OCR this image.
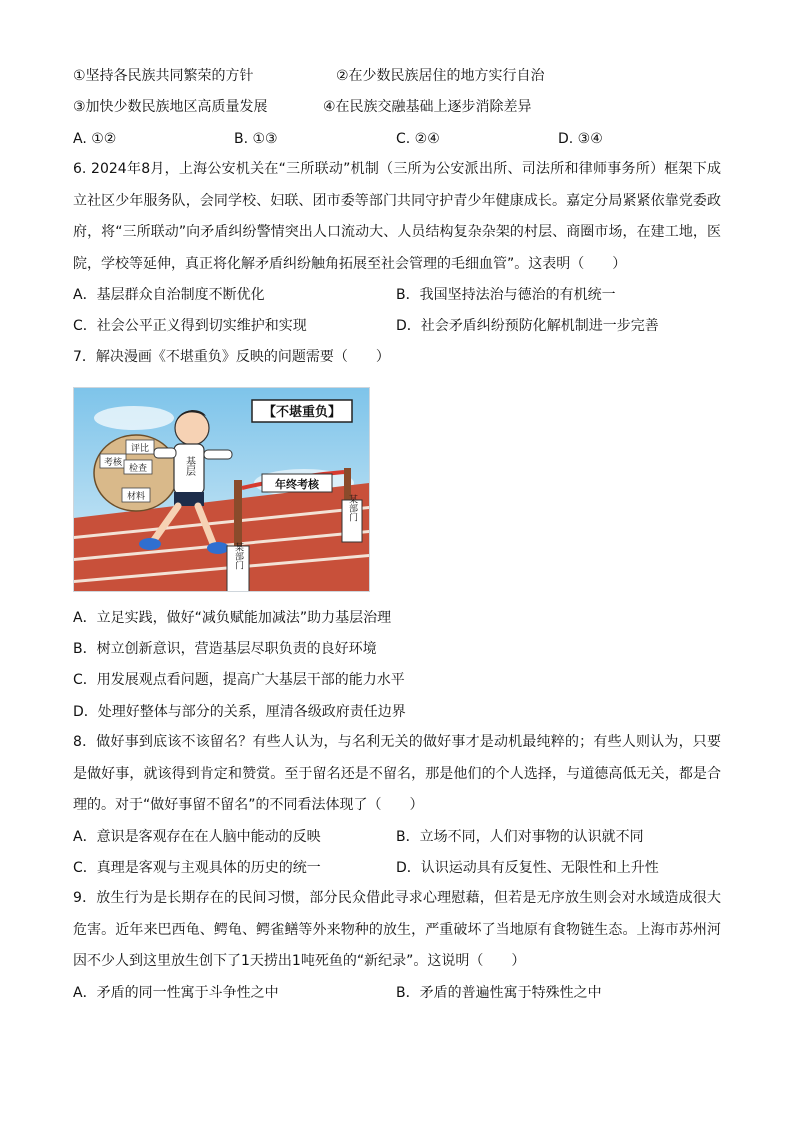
①坚持各民族共同繁荣的方针	②在少数民族居住的地方实行自治
③加快少数民族地区高质量发展	④在民族交融基础上逐步消除差异
A. ①②	B. ①③	C. ②④	D. ③④
6. 2024年8月，上海公安机关在“三所联动”机制（三所为公安派出所、司法所和律师事务所）框架下成立社区少年服务队，会同学校、妇联、团市委等部门共同守护青少年健康成长。嘉定分局紧紧依靠党委政府，将“三所联动”向矛盾纠纷警情突出人口流动大、人员结构复杂杂架的村层、商圈市场，在建工地，医院，学校等延伸，真正将化解矛盾纠纷触角拓展至社会管理的毛细血管”。这表明（　　）
A．基层群众自治制度不断优化	B．我国坚持法治与德治的有机统一
C．社会公平正义得到切实维护和实现	D．社会矛盾纠纷预防化解机制进一步完善
7．解决漫画《不堪重负》反映的问题需要（　　）
【不堪重负】
评比
考核
检查
材料
基层
年终考核
某部门
某部门
A．立足实践，做好“减负赋能加减法”助力基层治理
B．树立创新意识，营造基层尽职负责的良好环境
C．用发展观点看问题，提高广大基层干部的能力水平
D．处理好整体与部分的关系，厘清各级政府责任边界
8．做好事到底该不该留名？有些人认为，与名利无关的做好事才是动机最纯粹的；有些人则认为，只要是做好事，就该得到肯定和赞赏。至于留名还是不留名，那是他们的个人选择，与道德高低无关，都是合理的。对于“做好事留不留名”的不同看法体现了（　　）
A．意识是客观存在在人脑中能动的反映	B．立场不同，人们对事物的认识就不同
C．真理是客观与主观具体的历史的统一	D．认识运动具有反复性、无限性和上升性
9．放生行为是长期存在的民间习惯，部分民众借此寻求心理慰藉，但若是无序放生则会对水域造成很大危害。近年来巴西龟、鳄龟、鳄雀鳝等外来物种的放生，严重破坏了当地原有食物链生态。上海市苏州河因不少人到这里放生创下了1天捞出1吨死鱼的“新纪录”。这说明（　　）
A．矛盾的同一性寓于斗争性之中	B．矛盾的普遍性寓于特殊性之中
